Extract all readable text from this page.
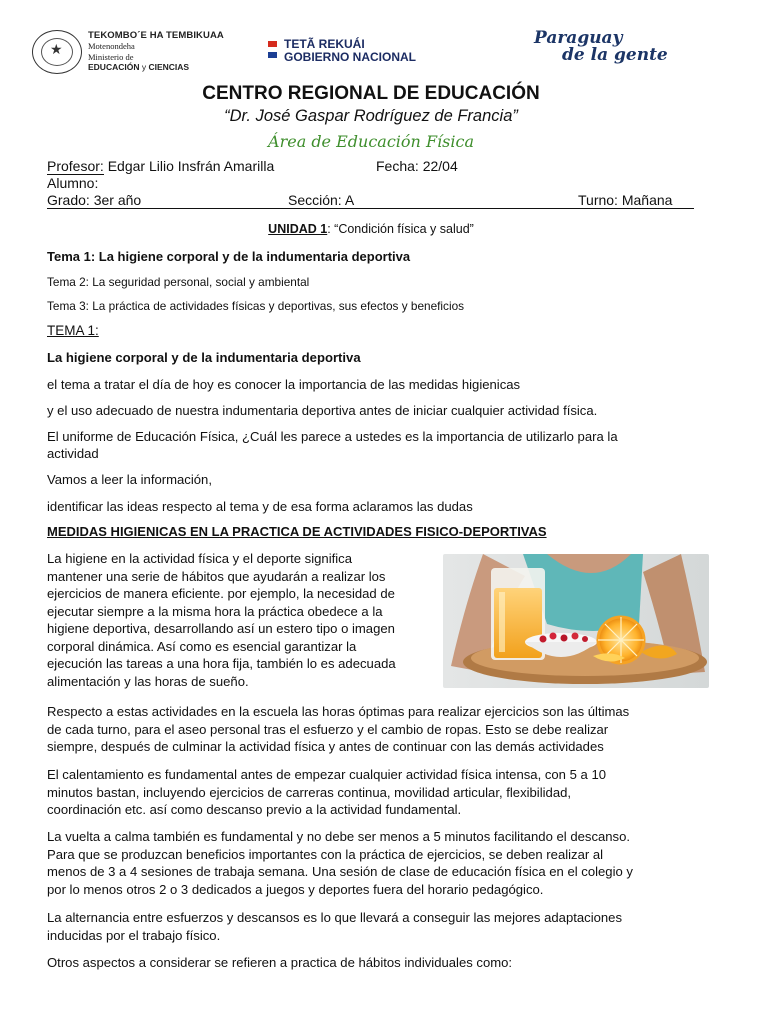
★
TEKOMBO´E HA TEMBIKUAA
Motenondeha
Ministerio de
EDUCACIÓN y CIENCIAS
TETÃ REKUÁI
GOBIERNO NACIONAL
Paraguay
de la gente
CENTRO REGIONAL DE EDUCACIÓN
“Dr. José Gaspar Rodríguez de Francia”
Área de Educación Física
Profesor: Edgar Lilio Insfrán Amarilla	Fecha: 22/04
Alumno:
Grado: 3er año	Sección: A	Turno: Mañana
UNIDAD 1: “Condición física y salud”
Tema 1: La higiene corporal y de la indumentaria deportiva
Tema 2: La seguridad personal, social y ambiental
Tema 3: La práctica de actividades físicas y deportivas, sus efectos y beneficios
TEMA 1:
La higiene corporal y de la indumentaria deportiva

el tema a tratar el día de hoy es conocer la importancia de las medidas higienicas

y el uso adecuado de nuestra indumentaria deportiva antes de iniciar cualquier actividad física.

El uniforme de Educación Física, ¿Cuál les parece a ustedes es la importancia de utilizarlo para la

actividad

Vamos a leer la información,

identificar las ideas respecto al tema y de esa forma aclaramos las dudas

MEDIDAS HIGIENICAS EN LA PRACTICA DE ACTIVIDADES FISICO-DEPORTIVAS

La higiene en la actividad física y el deporte significa

mantener una serie de hábitos que ayudarán a realizar los

ejercicios de manera eficiente. por ejemplo, la necesidad de

ejecutar siempre a la misma hora la práctica obedece a la

higiene deportiva, desarrollando así un estero tipo o imagen

corporal dinámica. Así como es esencial garantizar la

ejecución las tareas a una hora fija, también lo es adecuada

alimentación y las horas de sueño.

Respecto a estas actividades en la escuela las horas óptimas para realizar ejercicios son las últimas

de cada turno, para el aseo personal tras el esfuerzo y el cambio de ropas. Esto se debe realizar

siempre, después de culminar la actividad física y antes de continuar con las demás actividades

El calentamiento es fundamental antes de empezar cualquier actividad física intensa, con 5 a 10

minutos bastan, incluyendo ejercicios de carreras continua, movilidad articular, flexibilidad,

coordinación etc. así como descanso previo a la actividad fundamental.

La vuelta a calma también es fundamental y no debe ser menos a 5 minutos facilitando el descanso.

Para que se produzcan beneficios importantes con la práctica de ejercicios, se deben realizar al

menos de 3 a 4 sesiones de trabaja semana. Una sesión de clase de educación física en el colegio y

por lo menos otros 2 o 3 dedicados a juegos y deportes fuera del horario pedagógico.

La alternancia entre esfuerzos y descansos es lo que llevará a conseguir las mejores adaptaciones

inducidas por el trabajo físico.

Otros aspectos a considerar se refieren a practica de hábitos individuales como:
